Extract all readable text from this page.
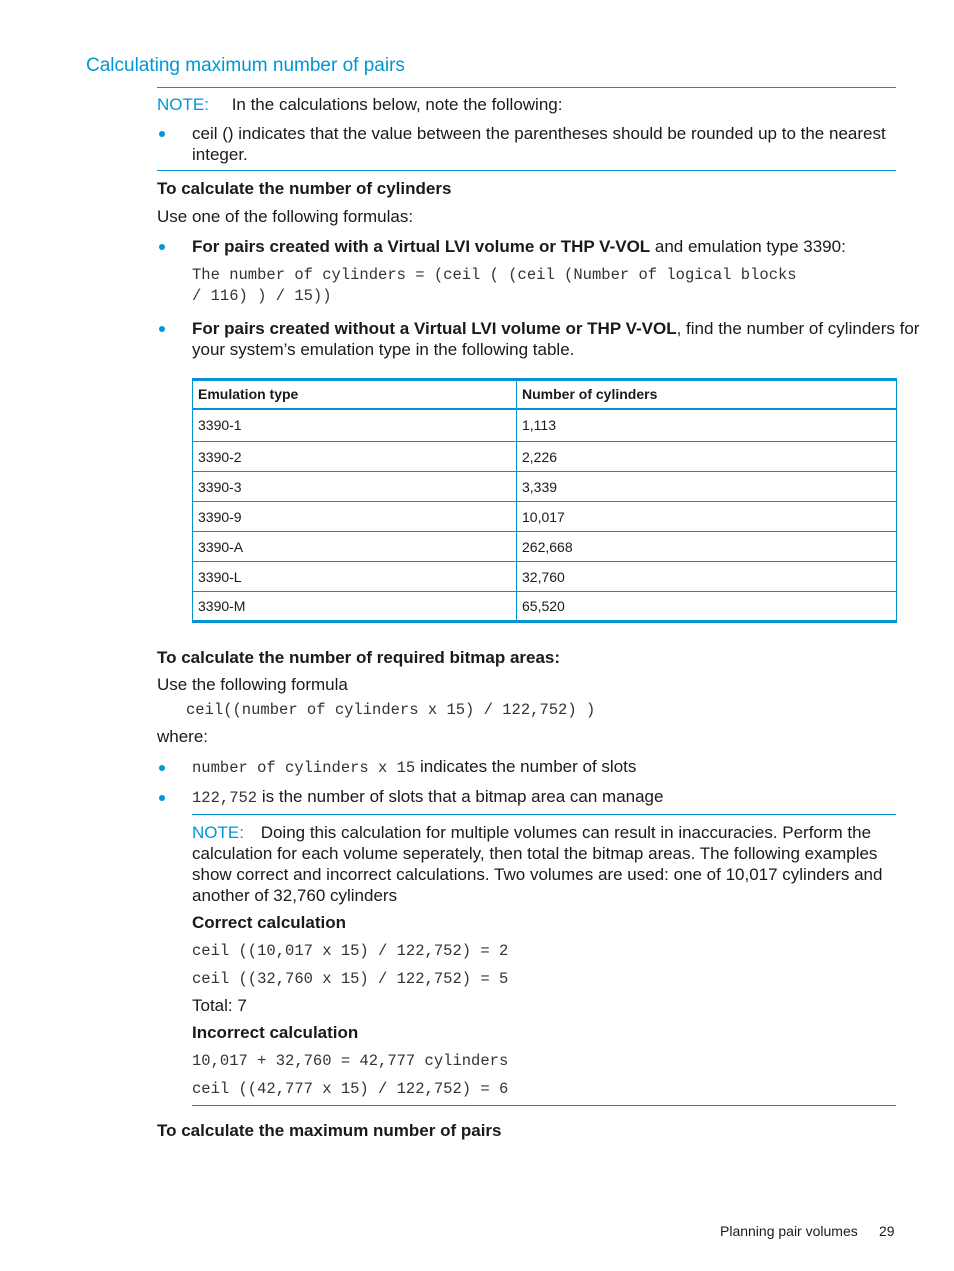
Calculating maximum number of pairs
NOTE: In the calculations below, note the following:
ceil () indicates that the value between the parentheses should be rounded up to the nearest
integer.
To calculate the number of cylinders
Use one of the following formulas:
For pairs created with a Virtual LVI volume or THP V-VOL and emulation type 3390:
The number of cylinders = (ceil ( (ceil (Number of logical blocks
/ 116) ) / 15))
For pairs created without a Virtual LVI volume or THP V-VOL, find the number of cylinders for
your system’s emulation type in the following table.
Emulation type	Number of cylinders
3390-1	1,113
3390-2	2,226
3390-3	3,339
3390-9	10,017
3390-A	262,668
3390-L	32,760
3390-M	65,520
To calculate the number of required bitmap areas:
Use the following formula
ceil((number of cylinders x 15) / 122,752) )
where:
number of cylinders x 15 indicates the number of slots
122,752 is the number of slots that a bitmap area can manage
NOTE: Doing this calculation for multiple volumes can result in inaccuracies. Perform the
calculation for each volume seperately, then total the bitmap areas. The following examples
show correct and incorrect calculations. Two volumes are used: one of 10,017 cylinders and
another of 32,760 cylinders
Correct calculation
ceil ((10,017 x 15) / 122,752) = 2
ceil ((32,760 x 15) / 122,752) = 5
Total: 7
Incorrect calculation
10,017 + 32,760 = 42,777 cylinders
ceil ((42,777 x 15) / 122,752) = 6
To calculate the maximum number of pairs
Planning pair volumes 29
